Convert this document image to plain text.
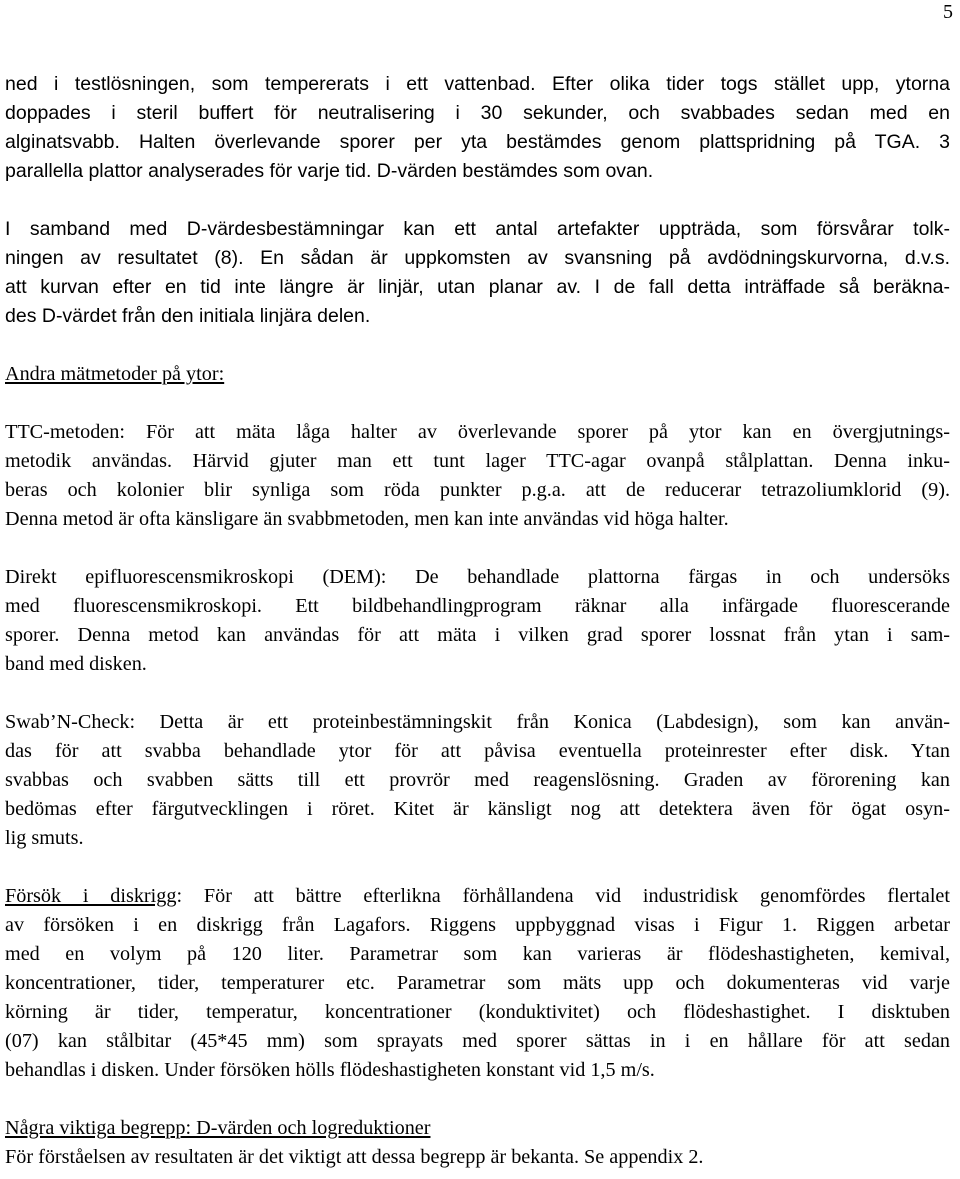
5
ned i testlösningen, som tempererats i ett vattenbad. Efter olika tider togs stället upp, ytorna
doppades i steril buffert för neutralisering i 30 sekunder, och svabbades sedan med en
alginatsvabb. Halten överlevande sporer per yta bestämdes genom plattspridning på TGA. 3
parallella plattor analyserades för varje tid. D-värden bestämdes som ovan.
I samband med D-värdesbestämningar kan ett antal artefakter uppträda, som försvårar tolk-
ningen av resultatet (8). En sådan är uppkomsten av svansning på avdödningskurvorna, d.v.s.
att kurvan efter en tid inte längre är linjär, utan planar av. I de fall detta inträffade så beräkna-
des D-värdet från den initiala linjära delen.
Andra mätmetoder på ytor:
TTC-metoden: För att mäta låga halter av överlevande sporer på ytor kan en övergjutnings-
metodik användas. Härvid gjuter man ett tunt lager TTC-agar ovanpå stålplattan. Denna inku-
beras och kolonier blir synliga som röda punkter p.g.a. att de reducerar tetrazoliumklorid (9).
Denna metod är ofta känsligare än svabbmetoden, men kan inte användas vid höga halter.
Direkt epifluorescensmikroskopi (DEM): De behandlade plattorna färgas in och undersöks
med fluorescensmikroskopi. Ett bildbehandlingprogram räknar alla infärgade fluorescerande
sporer. Denna metod kan användas för att mäta i vilken grad sporer lossnat från ytan i sam-
band med disken.
Swab’N-Check: Detta är ett proteinbestämningskit från Konica (Labdesign), som kan använ-
das för att svabba behandlade ytor för att påvisa eventuella proteinrester efter disk. Ytan
svabbas och svabben sätts till ett provrör med reagenslösning. Graden av förorening kan
bedömas efter färgutvecklingen i röret. Kitet är känsligt nog att detektera även för ögat osyn-
lig smuts.
Försök i diskrigg: För att bättre efterlikna förhållandena vid industridisk genomfördes flertalet
av försöken i en diskrigg från Lagafors. Riggens uppbyggnad visas i Figur 1. Riggen arbetar
med en volym på 120 liter. Parametrar som kan varieras är flödeshastigheten, kemival,
koncentrationer, tider, temperaturer etc. Parametrar som mäts upp och dokumenteras vid varje
körning är tider, temperatur, koncentrationer (konduktivitet) och flödeshastighet. I disktuben
(07) kan stålbitar (45*45 mm) som sprayats med sporer sättas in i en hållare för att sedan
behandlas i disken. Under försöken hölls flödeshastigheten konstant vid 1,5 m/s.
Några viktiga begrepp: D-värden och logreduktioner
För förståelsen av resultaten är det viktigt att dessa begrepp är bekanta. Se appendix 2.
